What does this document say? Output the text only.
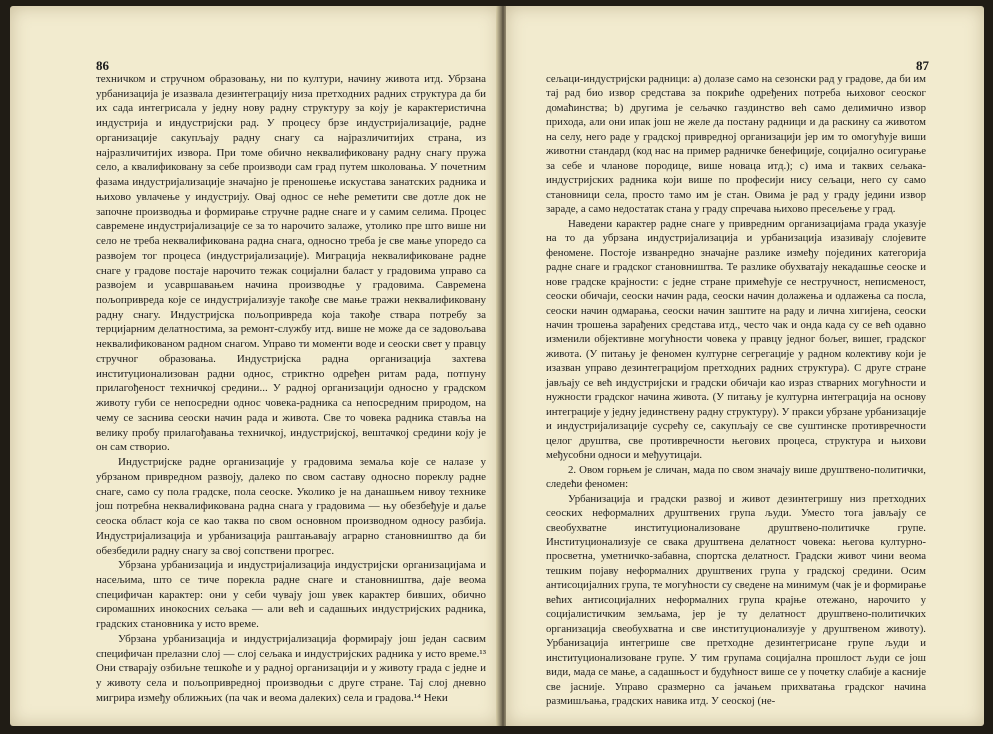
86

техничком и стручном образовању, ни по култури, начину живота итд. Убрзана урбанизација је изазвала дезинтеграцију низа претходних радних структура да би их сада интегрисала у једну нову радну структуру за коју је карактеристична индустрија и индустријски рад. У процесу брзе индустријализације, радне организације сакупљају радну снагу са најразличитијих страна, из најразличитијих извора. При томе обично неквалификовану радну снагу пружа село, а квалификовану за себе производи сам град путем школовања. У почетним фазама индустријализације значајно је преношење искустава занатских радника и њихово увлачење у индустрију. Овај однос се неће реметити све дотле док не започне производња и формирање стручне радне снаге и у самим селима. Процес савремене индустријализације се за то нарочито залаже, утолико пре што више ни село не треба неквалификована радна снага, односно треба је све мање упоредо са развојем тог процеса (индустријализације). Миграција неквалификоване радне снаге у градове постаје нарочито тежак социјални баласт у градовима управо са развојем и усавршавањем начина производње у градовима. Савремена пољопривреда које се индустријализује такође све мање тражи неквалификовану радну снагу. Индустријска пољопривреда која такође ствара потребу за терцијарним делатностима, за ремонт-службу итд. више не може да се задовољава неквалификованом радном снагом. Управо ти моменти воде и сеоски свет у правцу стручног образовања. Индустријска радна организација захтева институционализован радни однос, стриктно одређен ритам рада, потпуну прилагођеност техничкој средини... У радној организацији односно у градском животу губи се непосредни однос човека-радника са непосредним природом, на чему се заснива сеоски начин рада и живота. Све то човека радника ставља на велику пробу прилагођавања техничкој, индустријској, вештачкој средини коју је он сам створио.

Индустријске радне организације у градовима земаља које се налазе у убрзаном привредном развоју, далеко по свом саставу односно пореклу радне снаге, само су пола градске, пола сеоске. Уколико је на данашњем нивоу технике још потребна неквалификована радна снага у градовима — њу обезбеђује и даље сеоска област која се као таква по свом основном производном односу разбија. Индустријализација и урбанизација раштањавају аграрно становништво да би обезбедили радну снагу за свој сопствени прогрес.

Убрзана урбанизација и индустријализација индустријски организацијама и насељима, што се тиче порекла радне снаге и становништва, даје веома специфичан карактер: они у себи чувају још увек карактер бивших, обично сиромашних инокосних сељака — али већ и садашњих индустријских радника, градских становника у исто време.

Убрзана урбанизација и индустријализација формирају још један сасвим специфичан прелазни слој — слој сељака и индустријских радника у исто време.¹³ Они стварају озбиљне тешкоће и у радној организацији и у животу града с једне и у животу села и пољопривредној производњи с друге стране. Тај слој дневно мигрира између оближњих (па чак и веома далеких) села и градова.¹⁴ Неки

87

сељаци-индустријски радници: а) долазе само на сезонски рад у градове, да би им тај рад био извор средстава за покриће одређених потреба њиховог сеоског домаћинства; b) другима је сељачко газдинство веh само делимично извор прихода, али они ипак још не желе да постану радници и да раскину са животом на селу, него раде у градској привредној организацији јер им то омогућује виши животни стандард (код нас на пример радничке бенефиције, социјално осигурање за себе и чланове породице, више новаца итд.); с) има и таквих сељака-индустријских радника који више по професији нису сељаци, него су само становници села, просто тамо им је стан. Овима је рад у граду једини извор зараде, а само недостатак стана у граду спречава њихово пресељење у град.

Наведени карактер радне снаге у привредним организацијама града указује на то да убрзана индустријализација и урбанизација изазивају слојевите феномене. Постоје изванредно значајне разлике између појединих категорија радне снаге и градског становништва. Те разлике обухватају некадашње сеоске и нове градске крајности: с једне стране примећује се нестручност, неписменост, сеоски обичаји, сеоски начин рада, сеоски начин долажења и одлажења са посла, сеоски начин одмарања, сеоски начин заштите на раду и лична хигијена, сеоски начин трошења зарађених средстава итд., често чак и онда када су се већ одавно изменили објективне могућности човека у правцу једног бољег, вишег, градског живота. (У питању је феномен културне сегрегације у радном колективу који је изазван управо дезинтеграцијом претходних радних структура). С друге стране јављају се већ индустријски и градски обичаји као израз стварних могућности и нужности градског начина живота. (У питању је културна интеграција на основу интеграције у једну јединствену радну структуру). У пракси убрзане урбанизације и индустријализације сусрећу се, сакупљају се све суштинске противречности целог друштва, све противречности његових процеса, структура и њихови међусобни односи и међуутицаји.

2. Овом горњем је сличан, мада по свом значају више друштвено-политички, следећи феномен:

Урбанизација и градски развој и живот дезинтегришу низ претходних сеоских неформалних друштвених група људи. Уместо тога јављају се свеобухватне институционализоване друштвено-политичке групе. Институционализује се свака друштвена делатност човека: његова културно-просветна, уметничко-забавна, спортска делатност. Градски живот чини веома тешким појаву неформалних друштвених група у градској средини. Осим антисоцијалних група, те могућности су сведене на минимум (чак је и формирање већих антисоцијалних неформалних група крајње отежано, нарочито у социјалистичким земљама, јер је ту делатност друштвено-политичких организација свеобухватна и све институционализује у друштвеном животу). Урбанизација интегрише све претходне дезинтегрисане групе људи и институционализоване групе. У тим групама социјална прошлост људи се још види, мада се мање, а садашњост и будућност више се у почетку слабије а касније све јасније. Управо сразмерно са јачањем прихватања градског начина размишљања, градских навика итд. У сеоској (не-
